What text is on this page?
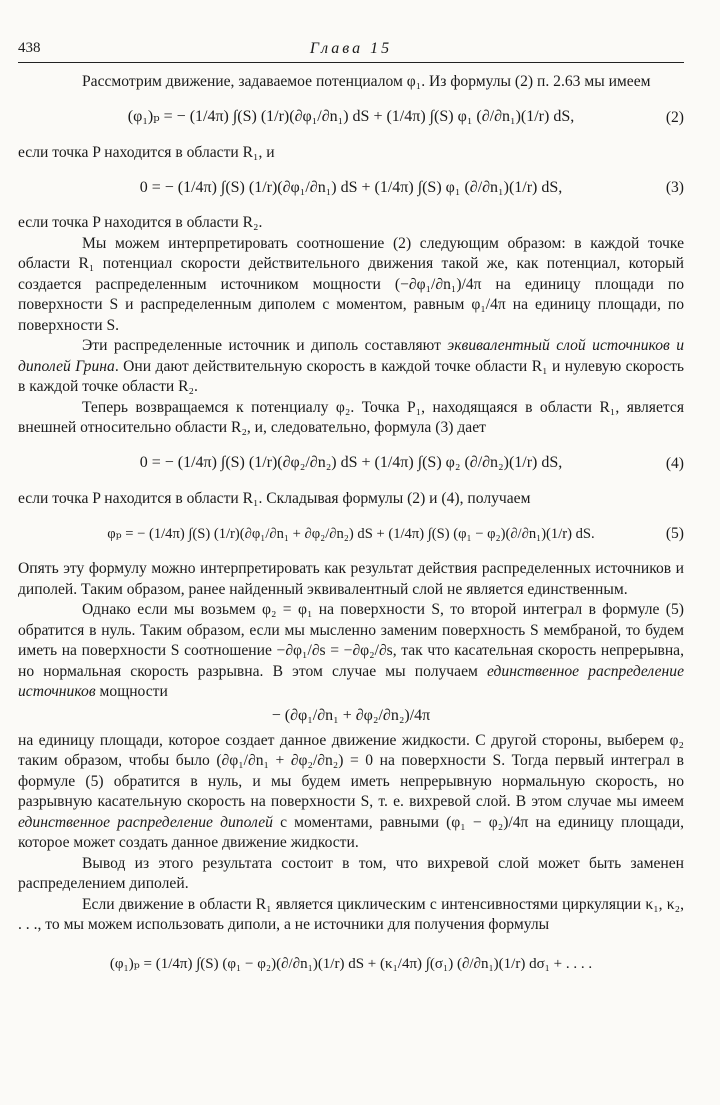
438	Глава 15

Рассмотрим движение, задаваемое потенциалом φ₁. Из формулы (2) п. 2.63 мы имеем

(φ₁)ₚ = − (1/4π) ∫(S) (1/r)(∂φ₁/∂n₁) dS + (1/4π) ∫(S) φ₁ (∂/∂n₁)(1/r) dS,	(2)

если точка P находится в области R₁, и

0 = − (1/4π) ∫(S) (1/r)(∂φ₁/∂n₁) dS + (1/4π) ∫(S) φ₁ (∂/∂n₁)(1/r) dS,	(3)

если точка P находится в области R₂.

Мы можем интерпретировать соотношение (2) следующим образом: в каждой точке области R₁ потенциал скорости действительного движения такой же, как потенциал, который создается распределенным источником мощности (−∂φ₁/∂n₁)/4π на единицу площади по поверхности S и распределенным диполем с моментом, равным φ₁/4π на единицу площади, по поверхности S.

Эти распределенные источник и диполь составляют эквивалентный слой источников и диполей Грина. Они дают действительную скорость в каждой точке области R₁ и нулевую скорость в каждой точке области R₂.

Теперь возвращаемся к потенциалу φ₂. Точка P₁, находящаяся в области R₁, является внешней относительно области R₂, и, следовательно, формула (3) дает

0 = − (1/4π) ∫(S) (1/r)(∂φ₂/∂n₂) dS + (1/4π) ∫(S) φ₂ (∂/∂n₂)(1/r) dS,	(4)

если точка P находится в области R₁. Складывая формулы (2) и (4), получаем

φₚ = − (1/4π) ∫(S) (1/r)(∂φ₁/∂n₁ + ∂φ₂/∂n₂) dS + (1/4π) ∫(S) (φ₁ − φ₂)(∂/∂n₁)(1/r) dS.	(5)

Опять эту формулу можно интерпретировать как результат действия распределенных источников и диполей. Таким образом, ранее найденный эквивалентный слой не является единственным.

Однако если мы возьмем φ₂ = φ₁ на поверхности S, то второй интеграл в формуле (5) обратится в нуль. Таким образом, если мы мысленно заменим поверхность S мембраной, то будем иметь на поверхности S соотношение −∂φ₁/∂s = −∂φ₂/∂s, так что касательная скорость непрерывна, но нормальная скорость разрывна. В этом случае мы получаем единственное распределение источников мощности

− (∂φ₁/∂n₁ + ∂φ₂/∂n₂)/4π

на единицу площади, которое создает данное движение жидкости. С другой стороны, выберем φ₂ таким образом, чтобы было (∂φ₁/∂n₁ + ∂φ₂/∂n₂) = 0 на поверхности S. Тогда первый интеграл в формуле (5) обратится в нуль, и мы будем иметь непрерывную нормальную скорость, но разрывную касательную скорость на поверхности S, т. е. вихревой слой. В этом случае мы имеем единственное распределение диполей с моментами, равными (φ₁ − φ₂)/4π на единицу площади, которое может создать данное движение жидкости.

Вывод из этого результата состоит в том, что вихревой слой может быть заменен распределением диполей.

Если движение в области R₁ является циклическим с интенсивностями циркуляции κ₁, κ₂, . . ., то мы можем использовать диполи, а не источники для получения формулы

(φ₁)ₚ = (1/4π) ∫(S) (φ₁ − φ₂)(∂/∂n₁)(1/r) dS + (κ₁/4π) ∫(σ₁) (∂/∂n₁)(1/r) dσ₁ + . . . .
